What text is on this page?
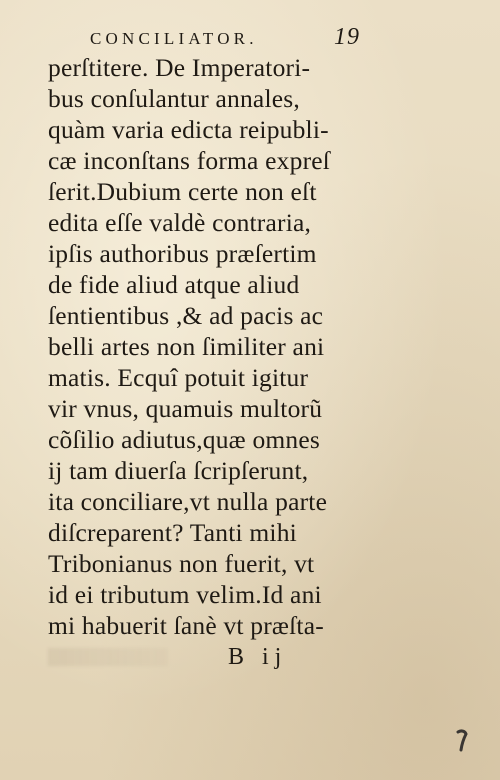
CONCILIATOR.	19
perſtitere. De Imperatori-
bus conſulantur annales,
quàm varia edicta reipubli-
cæ inconſtans forma expreſ
ſerit.Dubium certe non eſt
edita eſſe valdè contraria,
ipſis authoribus præſertim
de fide aliud atque aliud
ſentientibus ,& ad pacis ac
belli artes non ſimiliter ani
matis. Ecquî potuit igitur
vir vnus, quamuis multorũ
cõſilio adiutus,quæ omnes
ij tam diuerſa ſcripſerunt,
ita conciliare,vt nulla parte
diſcreparent? Tanti mihi
Tribonianus non fuerit, vt
id ei tributum velim.Id ani
mi habuerit ſanè vt præſta-
B ij
